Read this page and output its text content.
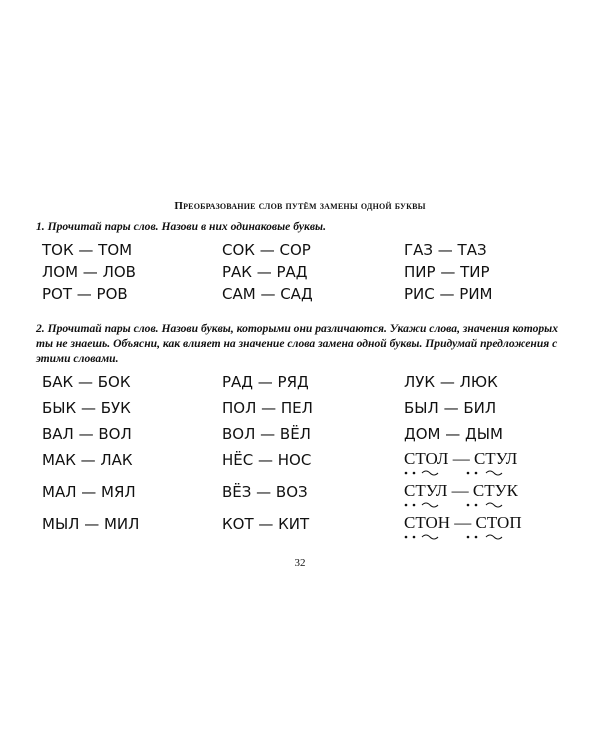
Преобразование слов путём замены одной буквы
1. Прочитай пары слов. Назови в них одинаковые буквы.
ТОК — ТОМ	СОК — СОР	ГАЗ — ТАЗ
ЛОМ — ЛОВ	РАК — РАД	ПИР — ТИР
РОТ — РОВ	САМ — САД	РИС — РИМ
2. Прочитай пары слов. Назови буквы, которыми они различаются. Укажи слова, значения которых ты не знаешь. Объясни, как влияет на значение слова замена одной буквы. Придумай предложения с этими словами.
БАК — БОК	РАД — РЯД	ЛУК — ЛЮК
БЫК — БУК	ПОЛ — ПЕЛ	БЫЛ — БИЛ
ВАЛ — ВОЛ	ВОЛ — ВЁЛ	ДОМ — ДЫМ
МАК — ЛАК	НЁС — НОС	СТОЛ — СТУЛ
МАЛ — МЯЛ	ВЁЗ — ВОЗ	СТУЛ — СТУК
МЫЛ — МИЛ	КОТ — КИТ	СТОН — СТОП
32
